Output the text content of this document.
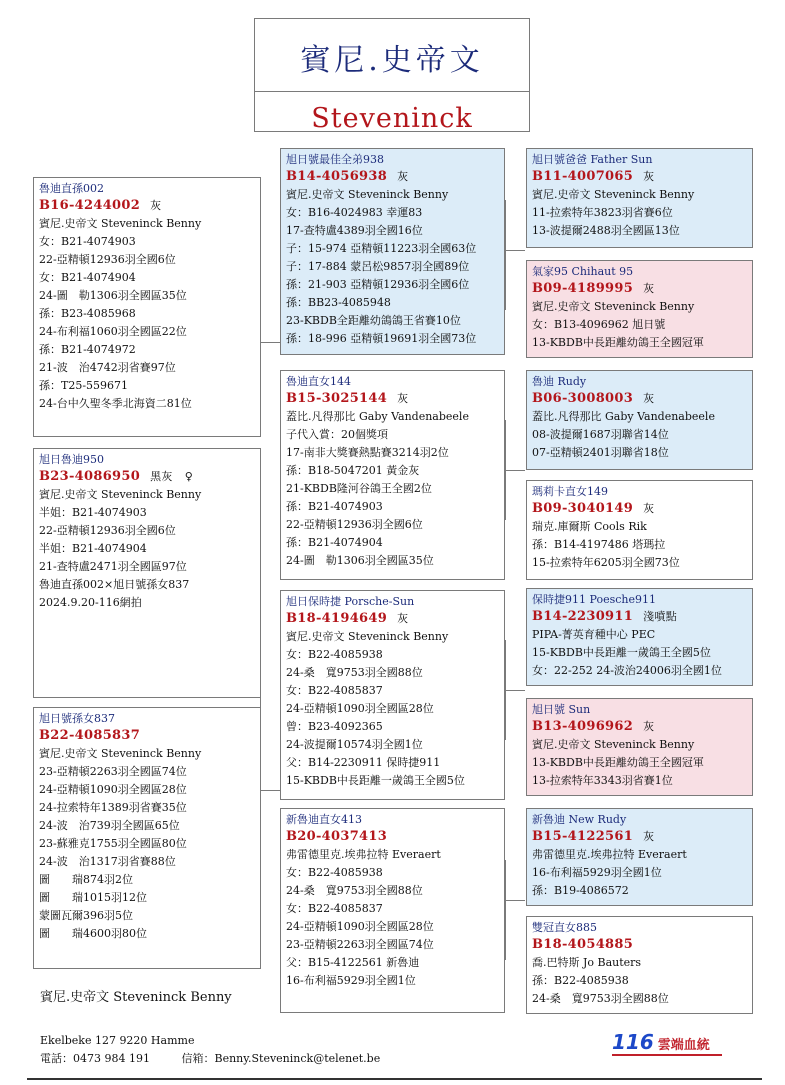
賓尼.史帝文
Steveninck
魯迪直孫002
B16-4244002 灰
賓尼.史帝文 Steveninck Benny
女：B21-4074903
22-亞精頓12936羽全國6位
女：B21-4074904
24-圖　勒1306羽全國區35位
孫：B23-4085968
24-布利福1060羽全國區22位
孫：B21-4074972
21-波　治4742羽省賽97位
孫：T25-559671
24-台中久聖冬季北海資二81位
旭日號最佳全弟938
B14-4056938 灰
賓尼.史帝文 Steveninck Benny
女：B16-4024983 幸運83
17-查特盧4389羽全國16位
子：15-974 亞精頓11223羽全國63位
子：17-884 蒙呂松9857羽全國89位
孫：21-903 亞精頓12936羽全國6位
孫：BB23-4085948
23-KBDB全距離幼鴿鴿王省賽10位
孫：18-996 亞精頓19691羽全國73位
魯迪直女144
B15-3025144 灰
蓋比.凡得那比 Gaby Vandenabeele
子代入賞：20個獎項
17-南非大獎賽熱點賽3214羽2位
孫：B18-5047201 黃金灰
21-KBDB隆河谷鴿王全國2位
孫：B21-4074903
22-亞精頓12936羽全國6位
孫：B21-4074904
24-圖　勒1306羽全國區35位
旭日號爸爸 Father Sun
B11-4007065 灰
賓尼.史帝文 Steveninck Benny
11-拉索特年3823羽省賽6位
13-波提爾2488羽全國區13位
氣家95 Chihaut 95
B09-4189995 灰
賓尼.史帝文 Steveninck Benny
女：B13-4096962 旭日號
13-KBDB中長距離幼鴿王全國冠軍
魯迪 Rudy
B06-3008003 灰
蓋比.凡得那比 Gaby Vandenabeele
08-波提爾1687羽聯省14位
07-亞精頓2401羽聯省18位
瑪莉卡直女149
B09-3040149 灰
瑞克.庫爾斯 Cools Rik
孫：B14-4197486 塔瑪拉
15-拉索特年6205羽全國73位
旭日魯迪950
B23-4086950 黑灰 ♀
賓尼.史帝文 Steveninck Benny
半姐：B21-4074903
22-亞精頓12936羽全國6位
半姐：B21-4074904
21-查特盧2471羽全國區97位
魯迪直孫002×旭日號孫女837
2024.9.20-116網拍	旭日保時捷 Porsche-Sun
B18-4194649 灰
賓尼.史帝文 Steveninck Benny
女：B22-4085938
24-桑　寬9753羽全國88位
女：B22-4085837
24-亞精頓1090羽全國區28位
曾：B23-4092365
24-波提爾10574羽全國1位
父：B14-2230911 保時捷911
15-KBDB中長距離一歲鴿王全國5位
保時捷911 Poesche911
B14-2230911 淺噴點
PIPA-菁英育種中心 PEC
15-KBDB中長距離一歲鴿王全國5位
女：22-252 24-波治24006羽全國1位
旭日號 Sun
B13-4096962 灰
賓尼.史帝文 Steveninck Benny
13-KBDB中長距離幼鴿王全國冠軍
13-拉索特年3343羽省賽1位
旭日號孫女837
B22-4085837
賓尼.史帝文 Steveninck Benny
23-亞精頓2263羽全國區74位
24-亞精頓1090羽全國區28位
24-拉索特年1389羽省賽35位
24-波　治739羽全國區65位
23-蘇雅克1755羽全國區80位
24-波　治1317羽省賽88位
圖　　瑞874羽2位
圖　　瑞1015羽12位
蒙圖瓦爾396羽5位
圖　　瑞4600羽80位
新魯迪直女413
B20-4037413
弗雷德里克.埃弗拉特 Everaert
女：B22-4085938
24-桑　寬9753羽全國88位
女：B22-4085837
24-亞精頓1090羽全國區28位
23-亞精頓2263羽全國區74位
父：B15-4122561 新魯迪
16-布利福5929羽全國1位
新魯迪 New Rudy
B15-4122561 灰
弗雷德里克.埃弗拉特 Everaert
16-布利福5929羽全國1位
孫：B19-4086572
雙冠直女885
B18-4054885
喬.巴特斯 Jo Bauters
孫：B22-4085938
24-桑　寬9753羽全國88位
賓尼.史帝文 Steveninck Benny
Ekelbeke 127 9220 Hamme
電話：0473 984 191	信箱：Benny.Steveninck@telenet.be
116 雲端血統
